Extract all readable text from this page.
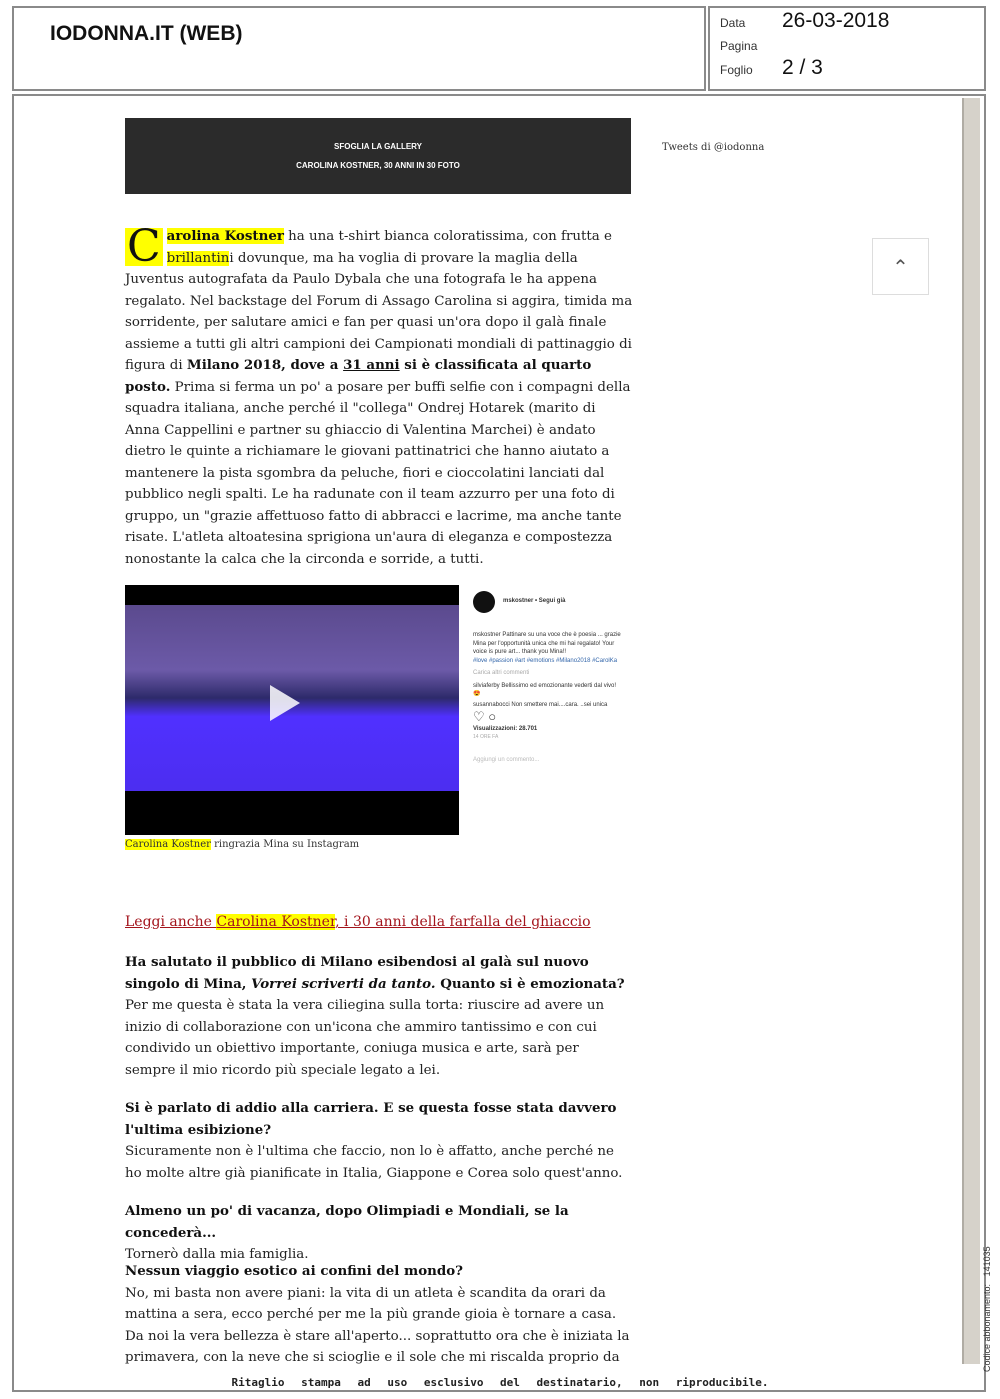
IODONNA.IT (WEB)	Data 26-03-2018
Pagina
Foglio 2 / 3
SFOGLIA LA GALLERY
CAROLINA KOSTNER, 30 ANNI IN 30 FOTO
Tweets di @iodonna
⌃
C arolina Kostner ha una t-shirt bianca coloratissima, con frutta e brillantini dovunque, ma ha voglia di provare la maglia della Juventus autografata da Paulo Dybala che una fotografa le ha appena regalato. Nel backstage del Forum di Assago Carolina si aggira, timida ma sorridente, per salutare amici e fan per quasi un'ora dopo il galà finale assieme a tutti gli altri campioni dei Campionati mondiali di pattinaggio di figura di Milano 2018, dove a 31 anni si è classificata al quarto posto. Prima si ferma un po' a posare per buffi selfie con i compagni della squadra italiana, anche perché il "collega" Ondrej Hotarek (marito di Anna Cappellini e partner su ghiaccio di Valentina Marchei) è andato dietro le quinte a richiamare le giovani pattinatrici che hanno aiutato a mantenere la pista sgombra da peluche, fiori e cioccolatini lanciati dal pubblico negli spalti. Le ha radunate con il team azzurro per una foto di gruppo, un "grazie affettuoso fatto di abbracci e lacrime, ma anche tante risate. L'atleta altoatesina sprigiona un'aura di eleganza e compostezza nonostante la calca che la circonda e sorride, a tutti.
mskostner • Segui già
mskostner Pattinare su una voce che è poesia ... grazie Mina per l'opportunità unica che mi hai regalato! Your voice is pure art... thank you Mina!!
#love #passion #art #emotions #Milano2018 #CarolKa
Carica altri commenti
silviaferby Bellissimo ed emozionante vederti dal vivo!😍
susannabocci Non smettere mai....cara. ..sei unica
♡ ○
Visualizzazioni: 28.701
14 ORE FA
Aggiungi un commento...
Carolina Kostner ringrazia Mina su Instagram
Leggi anche Carolina Kostner, i 30 anni della farfalla del ghiaccio
Ha salutato il pubblico di Milano esibendosi al galà sul nuovo singolo di Mina, Vorrei scriverti da tanto. Quanto si è emozionata?
Per me questa è stata la vera ciliegina sulla torta: riuscire ad avere un inizio di collaborazione con un'icona che ammiro tantissimo e con cui condivido un obiettivo importante, coniuga musica e arte, sarà per sempre il mio ricordo più speciale legato a lei.
Si è parlato di addio alla carriera. E se questa fosse stata davvero l'ultima esibizione?
Sicuramente non è l'ultima che faccio, non lo è affatto, anche perché ne ho molte altre già pianificate in Italia, Giappone e Corea solo quest'anno.
Almeno un po' di vacanza, dopo Olimpiadi e Mondiali, se la concederà...
Tornerò dalla mia famiglia.
Nessun viaggio esotico ai confini del mondo?
No, mi basta non avere piani: la vita di un atleta è scandita da orari da mattina a sera, ecco perché per me la più grande gioia è tornare a casa. Da noi la vera bellezza è stare all'aperto... soprattutto ora che è iniziata la primavera, con la neve che si scioglie e il sole che mi riscalda proprio da
Ritaglio stampa ad uso esclusivo del destinatario, non riproducibile.
Codice abbonamento:   141035
